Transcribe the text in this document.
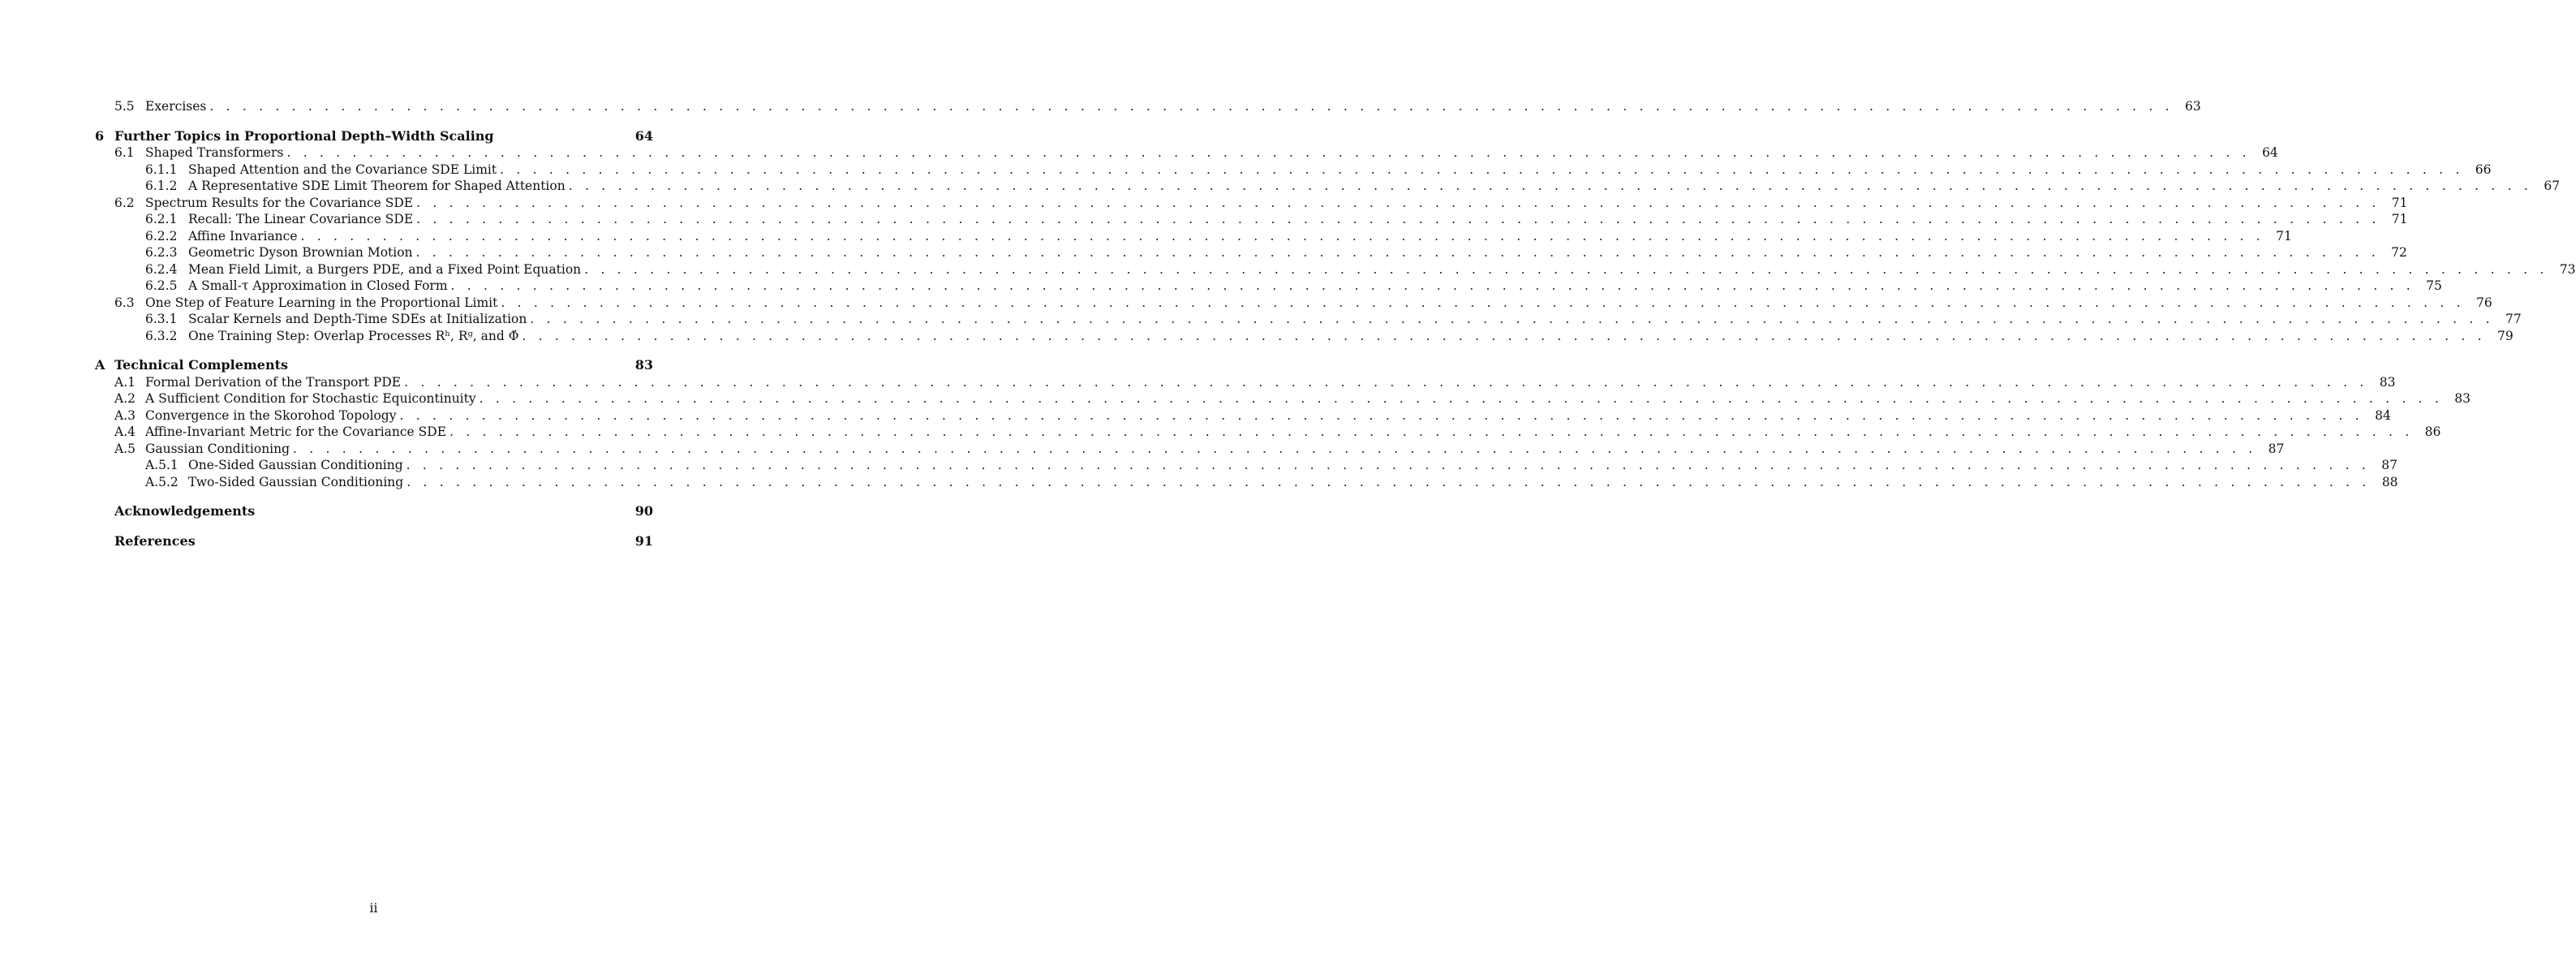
5.5 Exercises . . . . . . . . . . . . . . . . . . . . . . . . . . . . . . . . . . . . . . . . . . . . . . . . . . . . . . . . . . . . . . . . . . . . . . . . . . . . . . . . . . . . . . . . . . . . . . . . . . . . . . . . . . . . . . . . . . . . . . . . 63
6 Further Topics in Proportional Depth–Width Scaling	64
6.1 Shaped Transformers . . . . . . . . . . . . . . . . . . . . . . . . . . . . . . . . . . . . . . . . . . . . . . . . . . . . . . . . . . . . . . . . . . . . . . . . . . . . . . . . . . . . . . . . . . . . . . . . . . . . . . . . . . . . . . . . . . . . . . . . 64
6.1.1 Shaped Attention and the Covariance SDE Limit . . . . . . . . . . . . . . . . . . . . . . . . . . . . . . . . . . . . . . . . . . . . . . . . . . . . . . . . . . . . . . . . . . . . . . . . . . . . . . . . . . . . . . . . . . . . . . . . . . . . . . . . . . . . . . . . . . . . . . . . 66
6.1.2 A Representative SDE Limit Theorem for Shaped Attention . . . . . . . . . . . . . . . . . . . . . . . . . . . . . . . . . . . . . . . . . . . . . . . . . . . . . . . . . . . . . . . . . . . . . . . . . . . . . . . . . . . . . . . . . . . . . . . . . . . . . . . . . . . . . . . . . . . . . . . . 67
6.2 Spectrum Results for the Covariance SDE . . . . . . . . . . . . . . . . . . . . . . . . . . . . . . . . . . . . . . . . . . . . . . . . . . . . . . . . . . . . . . . . . . . . . . . . . . . . . . . . . . . . . . . . . . . . . . . . . . . . . . . . . . . . . . . . . . . . . . . . 71
6.2.1 Recall: The Linear Covariance SDE . . . . . . . . . . . . . . . . . . . . . . . . . . . . . . . . . . . . . . . . . . . . . . . . . . . . . . . . . . . . . . . . . . . . . . . . . . . . . . . . . . . . . . . . . . . . . . . . . . . . . . . . . . . . . . . . . . . . . . . . 71
6.2.2 Affine Invariance . . . . . . . . . . . . . . . . . . . . . . . . . . . . . . . . . . . . . . . . . . . . . . . . . . . . . . . . . . . . . . . . . . . . . . . . . . . . . . . . . . . . . . . . . . . . . . . . . . . . . . . . . . . . . . . . . . . . . . . . 71
6.2.3 Geometric Dyson Brownian Motion . . . . . . . . . . . . . . . . . . . . . . . . . . . . . . . . . . . . . . . . . . . . . . . . . . . . . . . . . . . . . . . . . . . . . . . . . . . . . . . . . . . . . . . . . . . . . . . . . . . . . . . . . . . . . . . . . . . . . . . . 72
6.2.4 Mean Field Limit, a Burgers PDE, and a Fixed Point Equation . . . . . . . . . . . . . . . . . . . . . . . . . . . . . . . . . . . . . . . . . . . . . . . . . . . . . . . . . . . . . . . . . . . . . . . . . . . . . . . . . . . . . . . . . . . . . . . . . . . . . . . . . . . . . . . . . . . . . . . . 73
6.2.5 A Small-τ Approximation in Closed Form . . . . . . . . . . . . . . . . . . . . . . . . . . . . . . . . . . . . . . . . . . . . . . . . . . . . . . . . . . . . . . . . . . . . . . . . . . . . . . . . . . . . . . . . . . . . . . . . . . . . . . . . . . . . . . . . . . . . . . . . 75
6.3 One Step of Feature Learning in the Proportional Limit . . . . . . . . . . . . . . . . . . . . . . . . . . . . . . . . . . . . . . . . . . . . . . . . . . . . . . . . . . . . . . . . . . . . . . . . . . . . . . . . . . . . . . . . . . . . . . . . . . . . . . . . . . . . . . . . . . . . . . . . 76
6.3.1 Scalar Kernels and Depth-Time SDEs at Initialization . . . . . . . . . . . . . . . . . . . . . . . . . . . . . . . . . . . . . . . . . . . . . . . . . . . . . . . . . . . . . . . . . . . . . . . . . . . . . . . . . . . . . . . . . . . . . . . . . . . . . . . . . . . . . . . . . . . . . . . . 77
6.3.2 One Training Step: Overlap Processes Rʰ, Rᵍ, and Φ̇ . . . . . . . . . . . . . . . . . . . . . . . . . . . . . . . . . . . . . . . . . . . . . . . . . . . . . . . . . . . . . . . . . . . . . . . . . . . . . . . . . . . . . . . . . . . . . . . . . . . . . . . . . . . . . . . . . . . . . . . . 79
A Technical Complements	83
A.1 Formal Derivation of the Transport PDE . . . . . . . . . . . . . . . . . . . . . . . . . . . . . . . . . . . . . . . . . . . . . . . . . . . . . . . . . . . . . . . . . . . . . . . . . . . . . . . . . . . . . . . . . . . . . . . . . . . . . . . . . . . . . . . . . . . . . . . . 83
A.2 A Sufficient Condition for Stochastic Equicontinuity . . . . . . . . . . . . . . . . . . . . . . . . . . . . . . . . . . . . . . . . . . . . . . . . . . . . . . . . . . . . . . . . . . . . . . . . . . . . . . . . . . . . . . . . . . . . . . . . . . . . . . . . . . . . . . . . . . . . . . . . 83
A.3 Convergence in the Skorohod Topology . . . . . . . . . . . . . . . . . . . . . . . . . . . . . . . . . . . . . . . . . . . . . . . . . . . . . . . . . . . . . . . . . . . . . . . . . . . . . . . . . . . . . . . . . . . . . . . . . . . . . . . . . . . . . . . . . . . . . . . . 84
A.4 Affine-Invariant Metric for the Covariance SDE . . . . . . . . . . . . . . . . . . . . . . . . . . . . . . . . . . . . . . . . . . . . . . . . . . . . . . . . . . . . . . . . . . . . . . . . . . . . . . . . . . . . . . . . . . . . . . . . . . . . . . . . . . . . . . . . . . . . . . . . 86
A.5 Gaussian Conditioning . . . . . . . . . . . . . . . . . . . . . . . . . . . . . . . . . . . . . . . . . . . . . . . . . . . . . . . . . . . . . . . . . . . . . . . . . . . . . . . . . . . . . . . . . . . . . . . . . . . . . . . . . . . . . . . . . . . . . . . . 87
A.5.1 One-Sided Gaussian Conditioning . . . . . . . . . . . . . . . . . . . . . . . . . . . . . . . . . . . . . . . . . . . . . . . . . . . . . . . . . . . . . . . . . . . . . . . . . . . . . . . . . . . . . . . . . . . . . . . . . . . . . . . . . . . . . . . . . . . . . . . . 87
A.5.2 Two-Sided Gaussian Conditioning . . . . . . . . . . . . . . . . . . . . . . . . . . . . . . . . . . . . . . . . . . . . . . . . . . . . . . . . . . . . . . . . . . . . . . . . . . . . . . . . . . . . . . . . . . . . . . . . . . . . . . . . . . . . . . . . . . . . . . . . 88
Acknowledgements	90
References	91
ii
